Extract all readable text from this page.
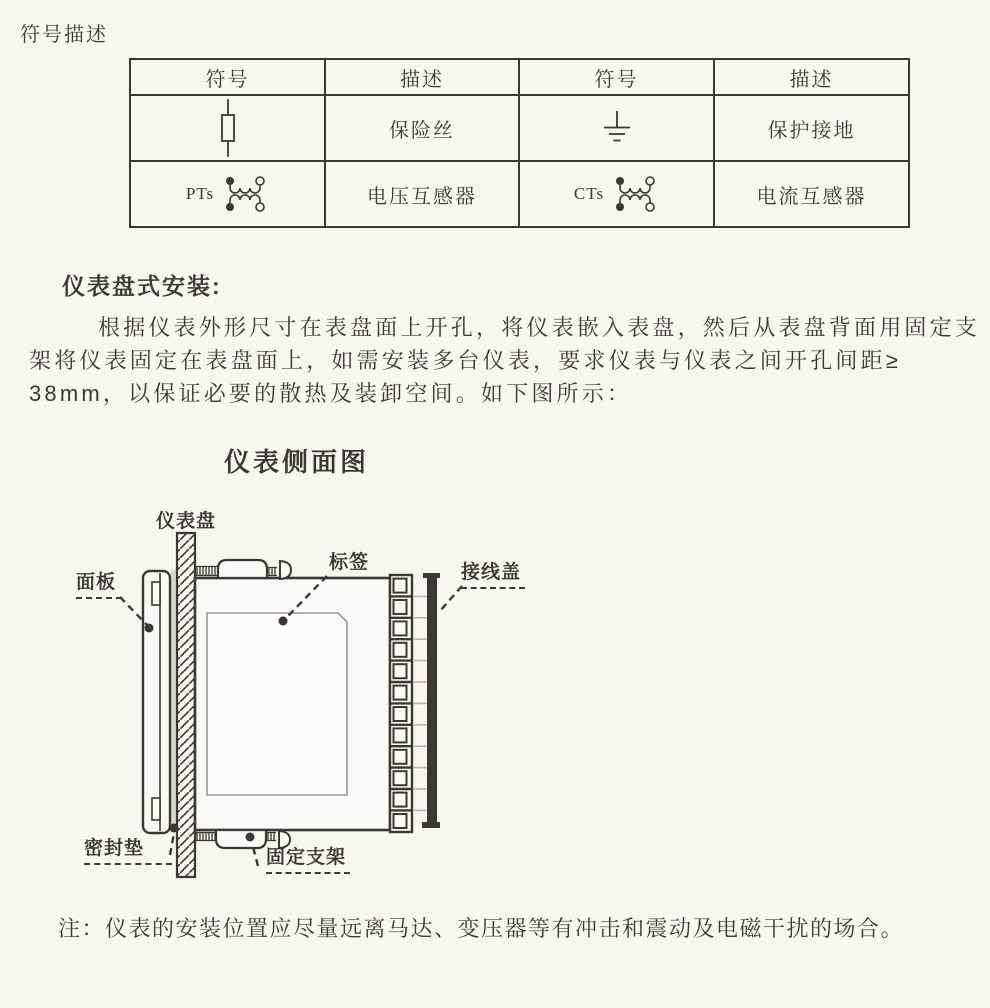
符号描述
符号	描述	符号	描述

	保险丝		保护接地

PTs	电压互感器	CTs	电流互感器
仪表盘式安装:
根据仪表外形尺寸在表盘面上开孔，将仪表嵌入表盘，然后从表盘背面用固定支
架将仪表固定在表盘面上，如需安装多台仪表，要求仪表与仪表之间开孔间距≥
38mm，以保证必要的散热及装卸空间。如下图所示：
仪表侧面图
仪表盘
面板
标签	接线盖
密封垫	固定支架
注：仪表的安装位置应尽量远离马达、变压器等有冲击和震动及电磁干扰的场合。
